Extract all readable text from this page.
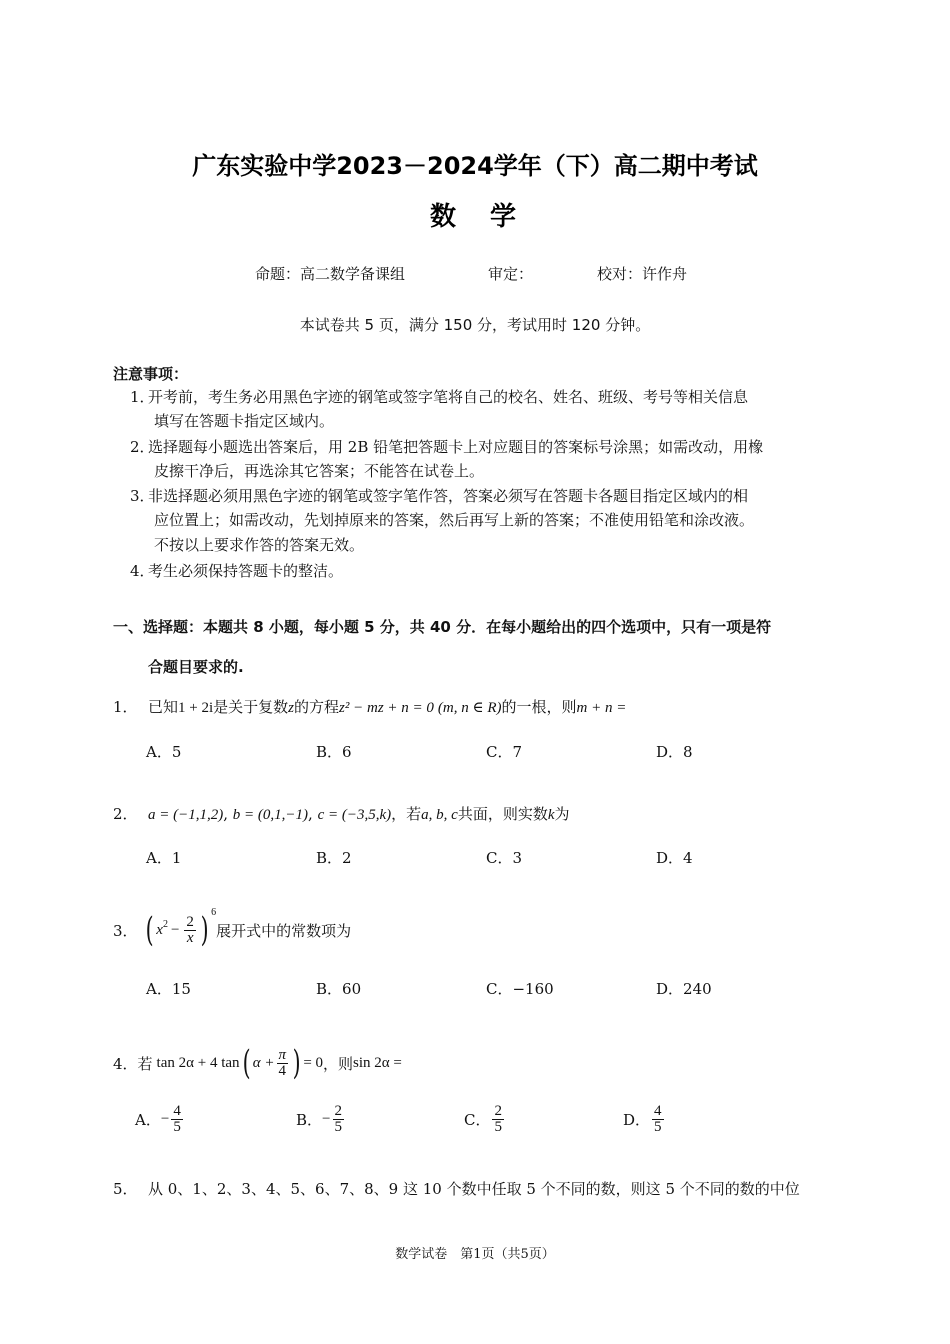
广东实验中学2023－2024学年（下）高二期中考试
数　学
命题：高二数学备课组	审定：	校对：许作舟
本试卷共 5 页，满分 150 分，考试用时 120 分钟。
注意事项：
1．开考前，考生务必用黑色字迹的钢笔或签字笔将自己的校名、姓名、班级、考号等相关信息
填写在答题卡指定区域内。
2．选择题每小题选出答案后，用 2B 铅笔把答题卡上对应题目的答案标号涂黑；如需改动，用橡
皮擦干净后，再选涂其它答案；不能答在试卷上。
3．非选择题必须用黑色字迹的钢笔或签字笔作答，答案必须写在答题卡各题目指定区域内的相
应位置上；如需改动，先划掉原来的答案，然后再写上新的答案；不准使用铅笔和涂改液。
不按以上要求作答的答案无效。
4．考生必须保持答题卡的整洁。
一、选择题：本题共 8 小题，每小题 5 分，共 40 分．在每小题给出的四个选项中，只有一项是符
合题目要求的.
1． 已知1 + 2i是关于复数z的方程z² − mz + n = 0 (m, n ∈ R)的一根，则m + n =
A．5	B．6	C．7	D．8
2． a = (−1,1,2), b = (0,1,−1), c = (−3,5,k)，若a, b, c共面，则实数k为
A．1	B．2	C．3	D．4
3． ( $x^2 - \frac{2}{x}$ ) 6
展开式中的常数项为
A．15	B．60	C．−160	D．240
4．若 tan 2α + 4 tan ( $\alpha + \frac{\pi}{4}$ ) = 0 ，则 sin 2α =
A． − $\frac{4}{5}$	B． − $\frac{2}{5}$	C． $\frac{2}{5}$	D． $\frac{4}{5}$
5． 从 0、1、2、3、4、5、6、7、8、9 这 10 个数中任取 5 个不同的数，则这 5 个不同的数的中位
数学试卷　第1页（共5页）
